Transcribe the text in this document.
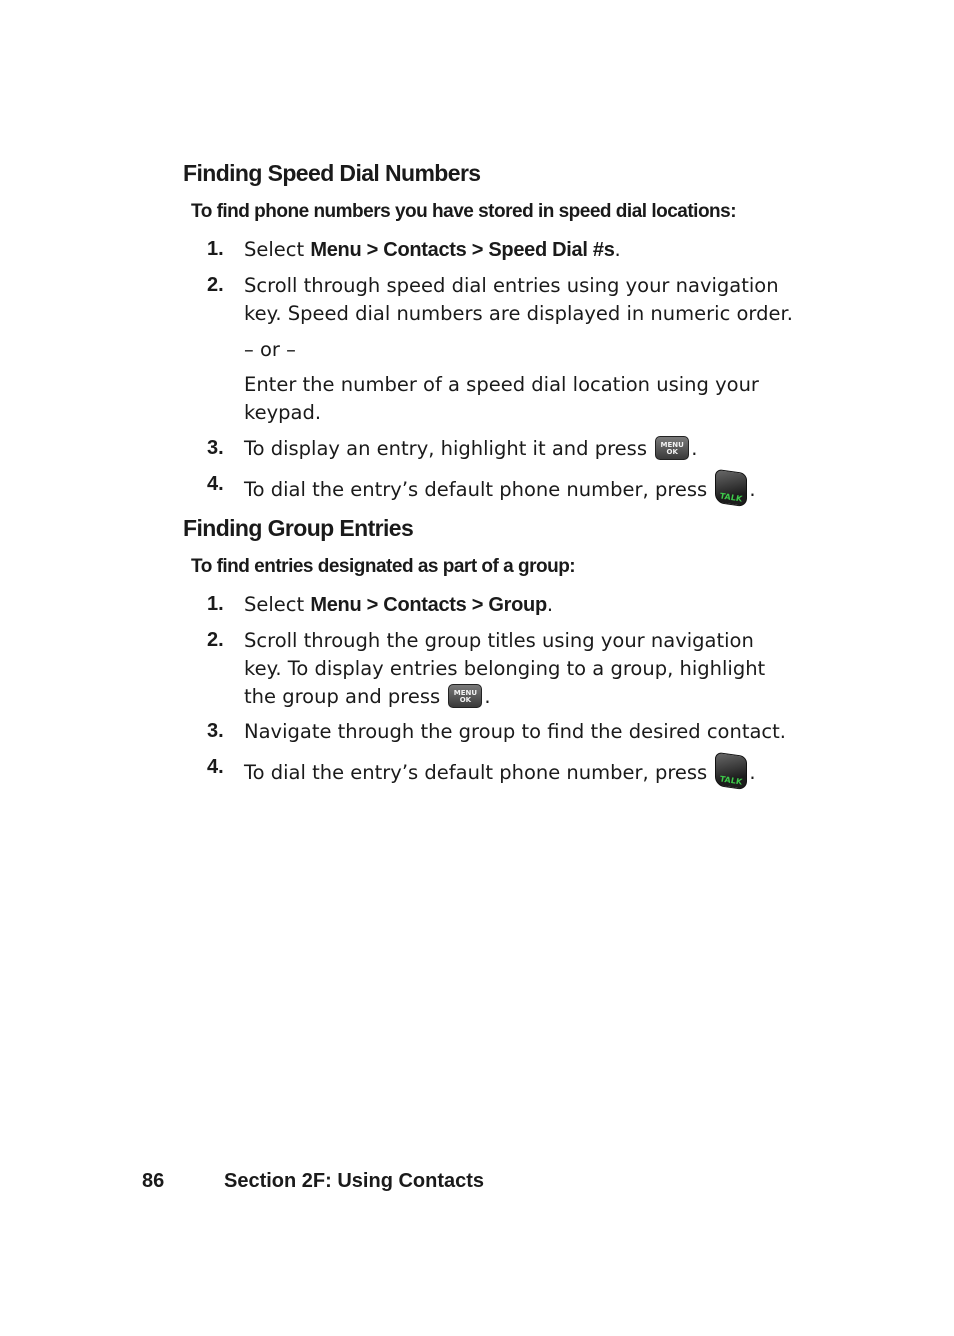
Finding Speed Dial Numbers

To find phone numbers you have stored in speed dial locations:

1. Select Menu > Contacts > Speed Dial #s.
2. Scroll through speed dial entries using your navigation
key. Speed dial numbers are displayed in numeric order.
– or –
Enter the number of a speed dial location using your
keypad.
3. To display an entry, highlight it and press	MENU
OK .
4. To dial the entry’s default phone number, press TALK .
Finding Group Entries

To find entries designated as part of a group:

1. Select Menu > Contacts > Group.
2. Scroll through the group titles using your navigation
key. To display entries belonging to a group, highlight
the group and press	MENU
OK .
3. Navigate through the group to find the desired contact.
4. To dial the entry’s default phone number, press TALK .
86	Section 2F: Using Contacts
